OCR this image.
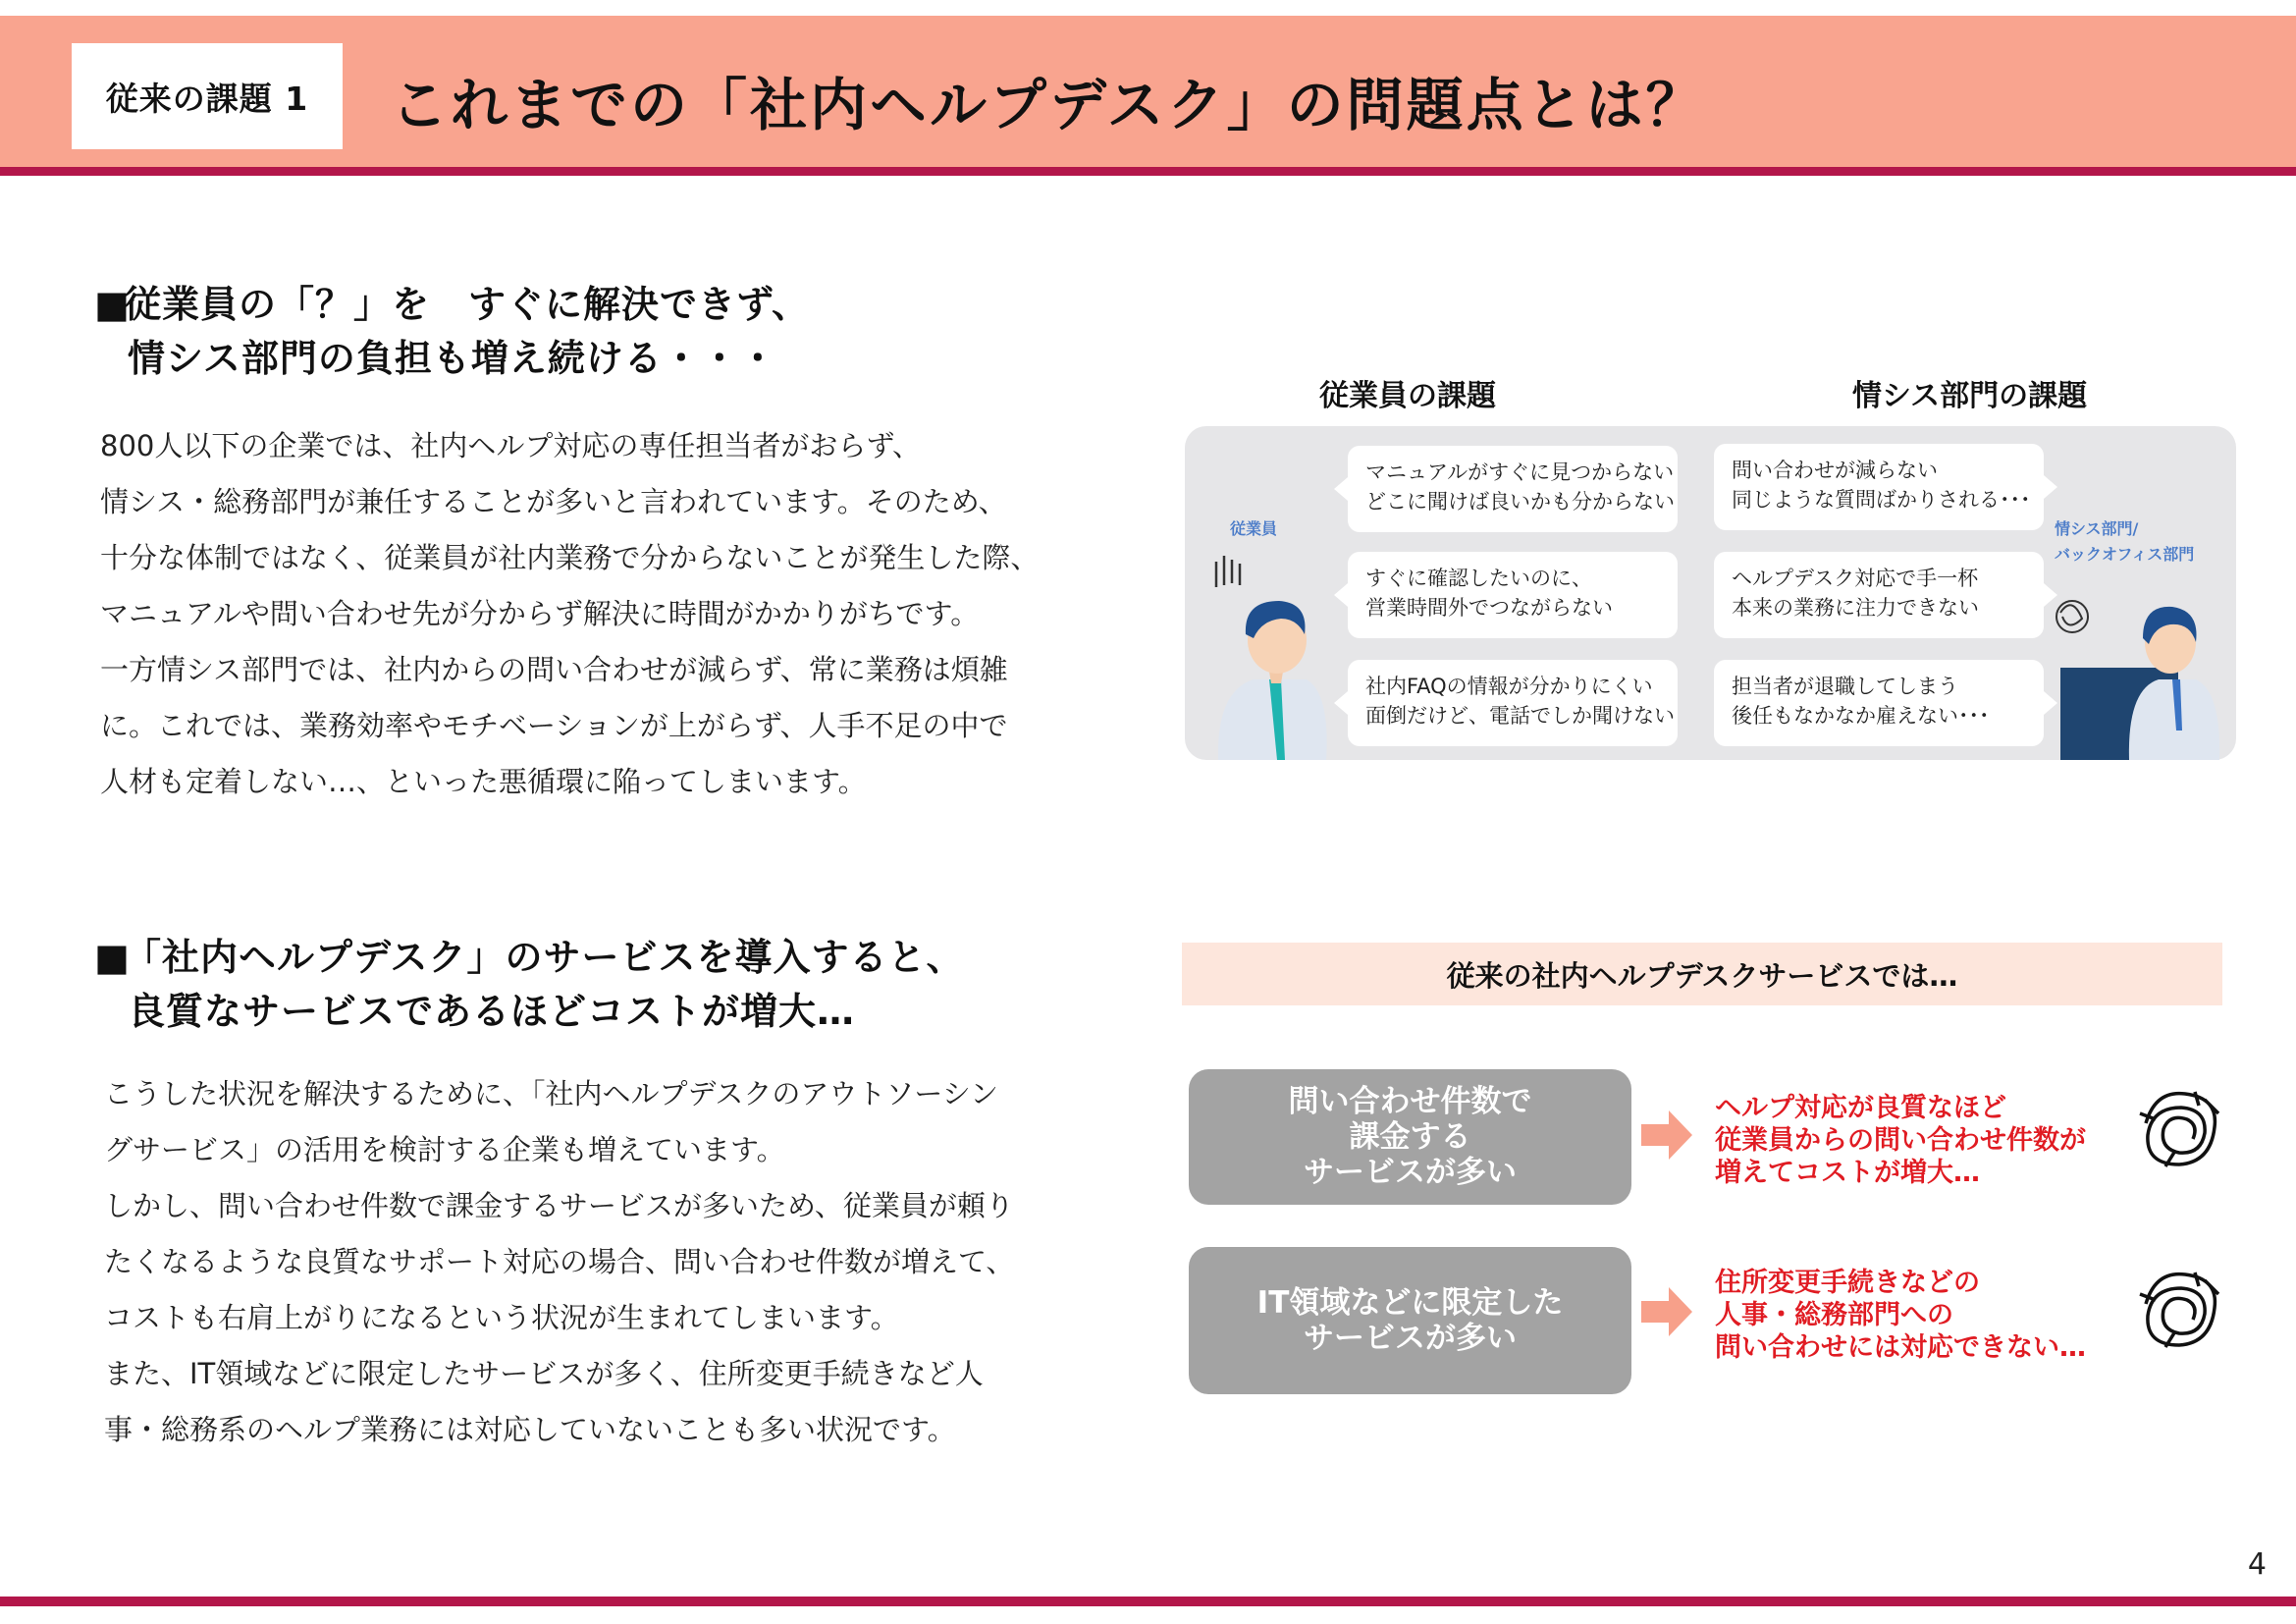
従来の課題 1 これまでの「社内ヘルプデスク」の問題点とは？
■従業員の「？」を　すぐに解決できず、
情シス部門の負担も増え続ける・・・
800人以下の企業では、社内ヘルプ対応の専任担当者がおらず、
情シス・総務部門が兼任することが多いと言われています。そのため、
十分な体制ではなく、従業員が社内業務で分からないことが発生した際、
マニュアルや問い合わせ先が分からず解決に時間がかかりがちです。
一方情シス部門では、社内からの問い合わせが減らず、常に業務は煩雑
に。これでは、業務効率やモチベーションが上がらず、人手不足の中で
人材も定着しない…、といった悪循環に陥ってしまいます。
■「社内ヘルプデスク」のサービスを導入すると、
良質なサービスであるほどコストが増大…
こうした状況を解決するために、「社内ヘルプデスクのアウトソーシン
グサービス」の活用を検討する企業も増えています。
しかし、問い合わせ件数で課金するサービスが多いため、従業員が頼り
たくなるような良質なサポート対応の場合、問い合わせ件数が増えて、
コストも右肩上がりになるという状況が生まれてしまいます。
また、IT領域などに限定したサービスが多く、住所変更手続きなど人
事・総務系のヘルプ業務には対応していないことも多い状況です。
従業員の課題	情シス部門の課題
従業員	情シス部門/
バックオフィス部門
マニュアルがすぐに見つからない
どこに聞けば良いかも分からない
すぐに確認したいのに、
営業時間外でつながらない
社内FAQの情報が分かりにくい
面倒だけど、電話でしか聞けない
問い合わせが減らない
同じような質問ばかりされる･･･
ヘルプデスク対応で手一杯
本来の業務に注力できない
担当者が退職してしまう
後任もなかなか雇えない･･･
従来の社内ヘルプデスクサービスでは…
問い合わせ件数で
課金する
サービスが多い
ヘルプ対応が良質なほど
従業員からの問い合わせ件数が
増えてコストが増大…
IT領域などに限定した
サービスが多い
住所変更手続きなどの
人事・総務部門への
問い合わせには対応できない…
4
